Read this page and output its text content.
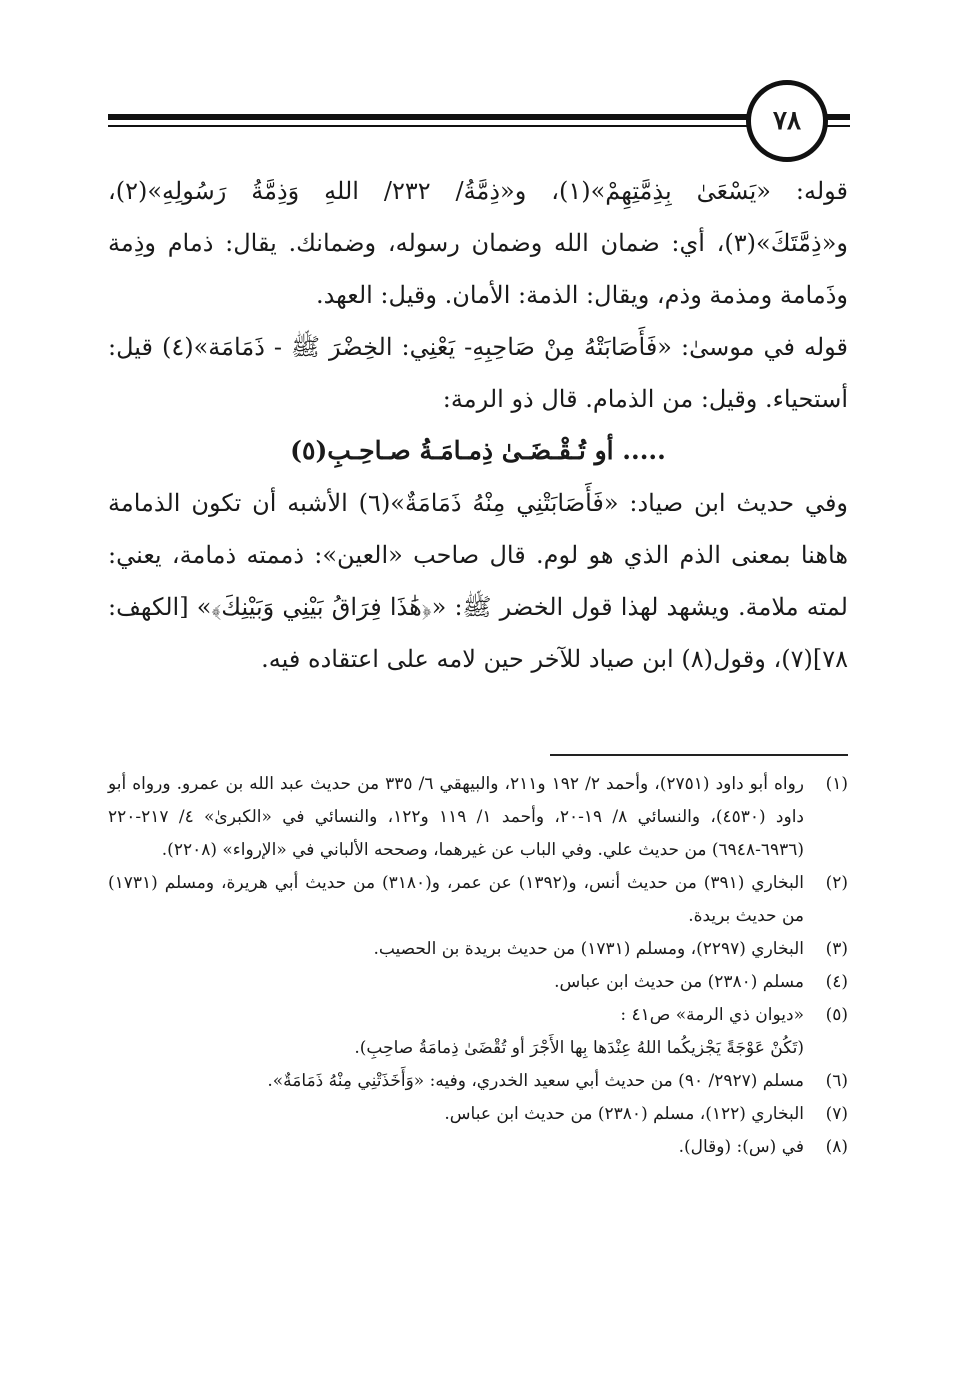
٧٨

قوله: «يَسْعَىٰ بِذِمَّتِهِمْ»(١)، و«ذِمَّةُ/ ٢٣٢/ اللهِ وَذِمَّةُ رَسُولِهِ»(٢)، و«ذِمَّتَكَ»(٣)، أي: ضمان الله وضمان رسوله، وضمانك. يقال: ذمام وذِمة وذَمامة ومذمة وذم، ويقال: الذمة: الأمان. وقيل: العهد.

قوله في موسىٰ: «فَأَصَابَتْهُ مِنْ صَاحِبِهِ- يَعْنِي: الخِضْرَ ﷺ - ذَمَامَة»(٤) قيل: أستحياء. وقيل: من الذمام. قال ذو الرمة:

..... أو تُـقْـضَـىٰ ذِمـامَـةُ صـاحِـبِ(٥)

وفي حديث ابن صياد: «فَأَصَابَتْنِي مِنْهُ ذَمَامَةٌ»(٦) الأشبه أن تكون الذمامة هاهنا بمعنى الذم الذي هو لوم. قال صاحب «العين»: ذممته ذمامة، يعني: لمته ملامة. ويشهد لهذا قول الخضر ﷺ: «﴿هَٰذَا فِرَاقُ بَيْنِي وَبَيْنِكَ﴾» [الكهف: ٧٨](٧)، وقول(٨) ابن صياد للآخر حين لامه على اعتقاده فيه.

(١)
رواه أبو داود (٢٧٥١)، وأحمد ٢/ ١٩٢ و٢١١، والبيهقي ٦/ ٣٣٥ من حديث عبد الله بن عمرو. ورواه أبو داود (٤٥٣٠)، والنسائي ٨/ ١٩-٢٠، وأحمد ١/ ١١٩ و١٢٢، والنسائي في «الكبرىٰ» ٤/ ٢١٧-٢٢٠ (٦٩٣٦-٦٩٤٨) من حديث علي. وفي الباب عن غيرهما، وصححه الألباني في «الإرواء» (٢٢٠٨).
(٢)
البخاري (٣٩١) من حديث أنس، و(١٣٩٢) عن عمر، و(٣١٨٠) من حديث أبي هريرة، ومسلم (١٧٣١) من حديث بريدة.
(٣)
البخاري (٢٢٩٧)، ومسلم (١٧٣١) من حديث بريدة بن الحصيب.
(٤)
مسلم (٢٣٨٠) من حديث ابن عباس.
(٥)
«ديوان ذي الرمة» ص٤١ :
(تَكُنْ عَوْجَةً يَجْزيكُما اللهُ عِنْدَها بِها الأَجْرَ أو تُقْضَىٰ ذِمامَةُ صاحِبِ).
(٦)
مسلم (٢٩٢٧/ ٩٠) من حديث أبي سعيد الخدري، وفيه: «وَأَخَذَتْنِي مِنْهُ ذَمَامَةٌ».
(٧)
البخاري (١٢٢)، مسلم (٢٣٨٠) من حديث ابن عباس.
(٨)
في (س): (وقال).
